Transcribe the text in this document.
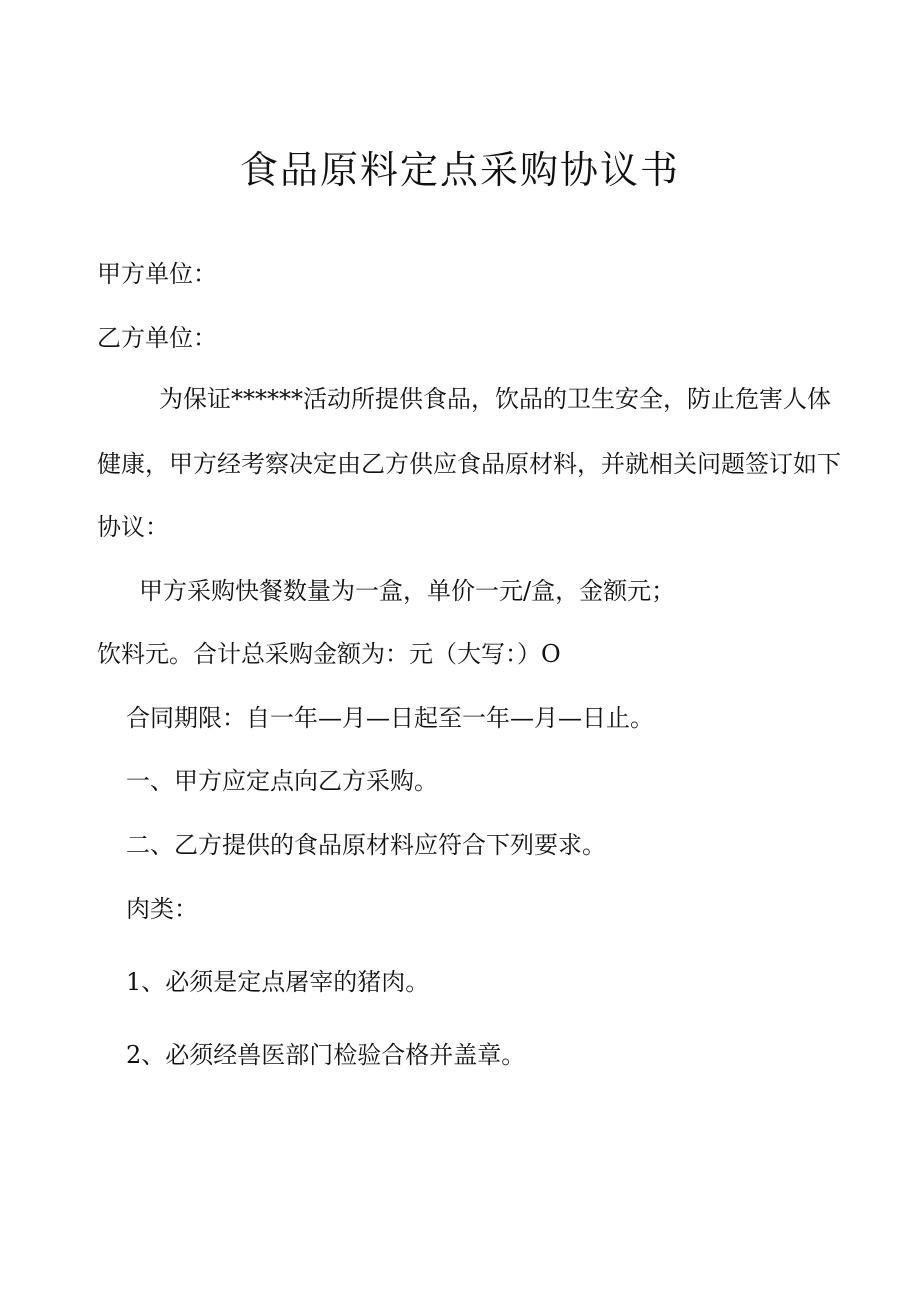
食品原料定点采购协议书
甲方单位：
乙方单位：
为保证******活动所提供食品，饮品的卫生安全，防止危害人体
健康，甲方经考察决定由乙方供应食品原材料，并就相关问题签订如下
协议：
甲方采购快餐数量为一盒，单价一元/盒，金额元；
饮料元。合计总采购金额为：元（大写：）O
合同期限：自一年—月—日起至一年—月—日止。
一、甲方应定点向乙方采购。
二、乙方提供的食品原材料应符合下列要求。
肉类：
1、必须是定点屠宰的猪肉。
2、必须经兽医部门检验合格并盖章。
